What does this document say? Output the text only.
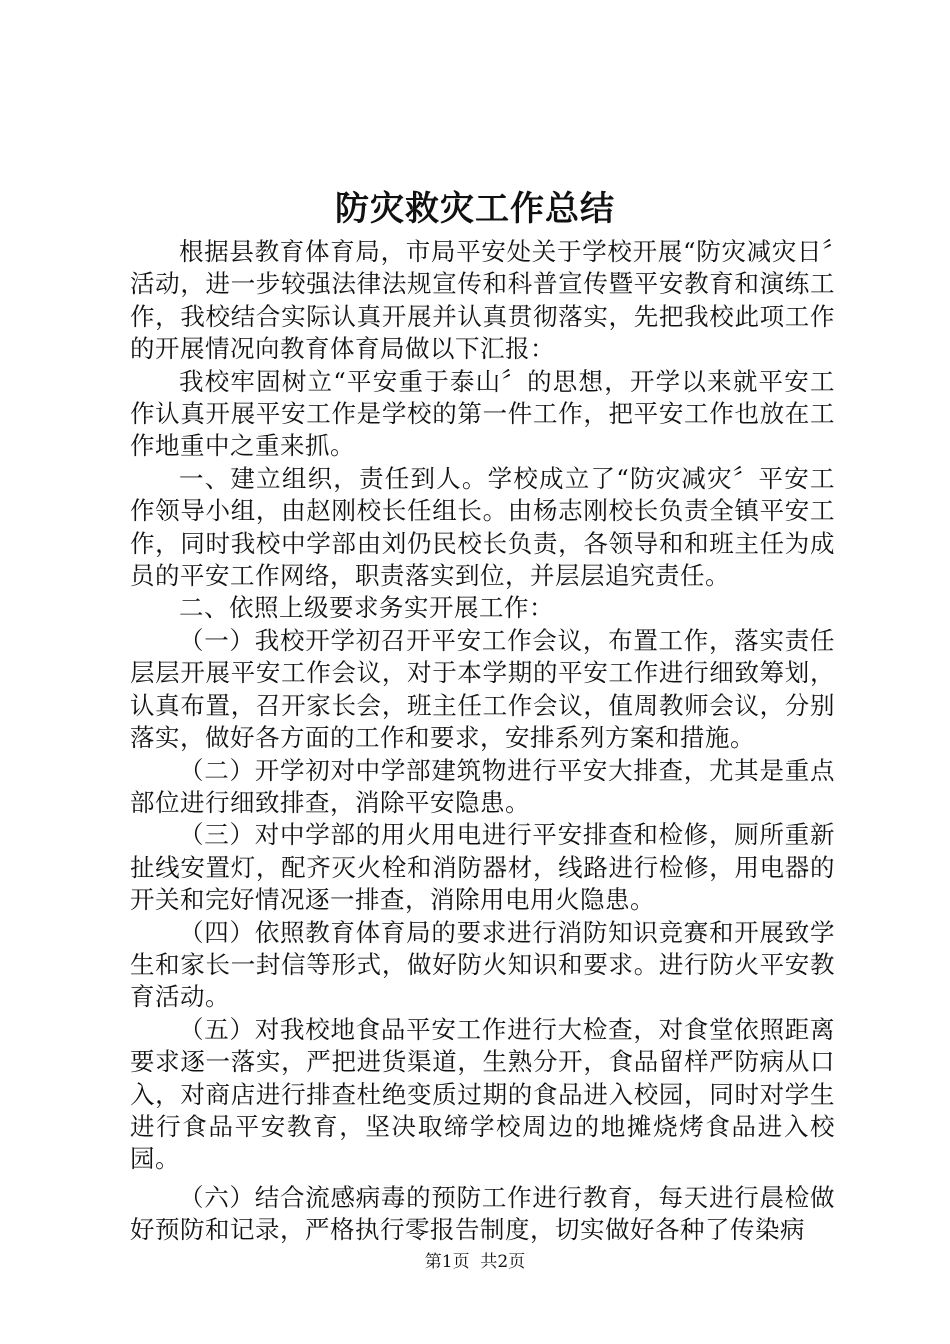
防灾救灾工作总结

根据县教育体育局，市局平安处关于学校开展“防灾减灾日〞活动，进一步较强法律法规宣传和科普宣传暨平安教育和演练工作，我校结合实际认真开展并认真贯彻落实，先把我校此项工作的开展情况向教育体育局做以下汇报：

我校牢固树立“平安重于泰山〞的思想，开学以来就平安工作认真开展平安工作是学校的第一件工作，把平安工作也放在工作地重中之重来抓。

一、建立组织，责任到人。学校成立了“防灾减灾〞平安工作领导小组，由赵刚校长任组长。由杨志刚校长负责全镇平安工作，同时我校中学部由刘仍民校长负责，各领导和和班主任为成员的平安工作网络，职责落实到位，并层层追究责任。

二、依照上级要求务实开展工作：

（一）我校开学初召开平安工作会议，布置工作，落实责任层层开展平安工作会议，对于本学期的平安工作进行细致筹划，认真布置，召开家长会，班主任工作会议，值周教师会议，分别落实，做好各方面的工作和要求，安排系列方案和措施。

（二）开学初对中学部建筑物进行平安大排查，尤其是重点部位进行细致排查，消除平安隐患。

（三）对中学部的用火用电进行平安排查和检修，厕所重新扯线安置灯，配齐灭火栓和消防器材，线路进行检修，用电器的开关和完好情况逐一排查，消除用电用火隐患。

（四）依照教育体育局的要求进行消防知识竞赛和开展致学生和家长一封信等形式，做好防火知识和要求。进行防火平安教育活动。

（五）对我校地食品平安工作进行大检查，对食堂依照距离要求逐一落实，严把进货渠道，生熟分开，食品留样严防病从口入，对商店进行排查杜绝变质过期的食品进入校园，同时对学生进行食品平安教育，坚决取缔学校周边的地摊烧烤食品进入校园。

（六）结合流感病毒的预防工作进行教育，每天进行晨检做好预防和记录，严格执行零报告制度，切实做好各种了传染病

第1页  共2页
